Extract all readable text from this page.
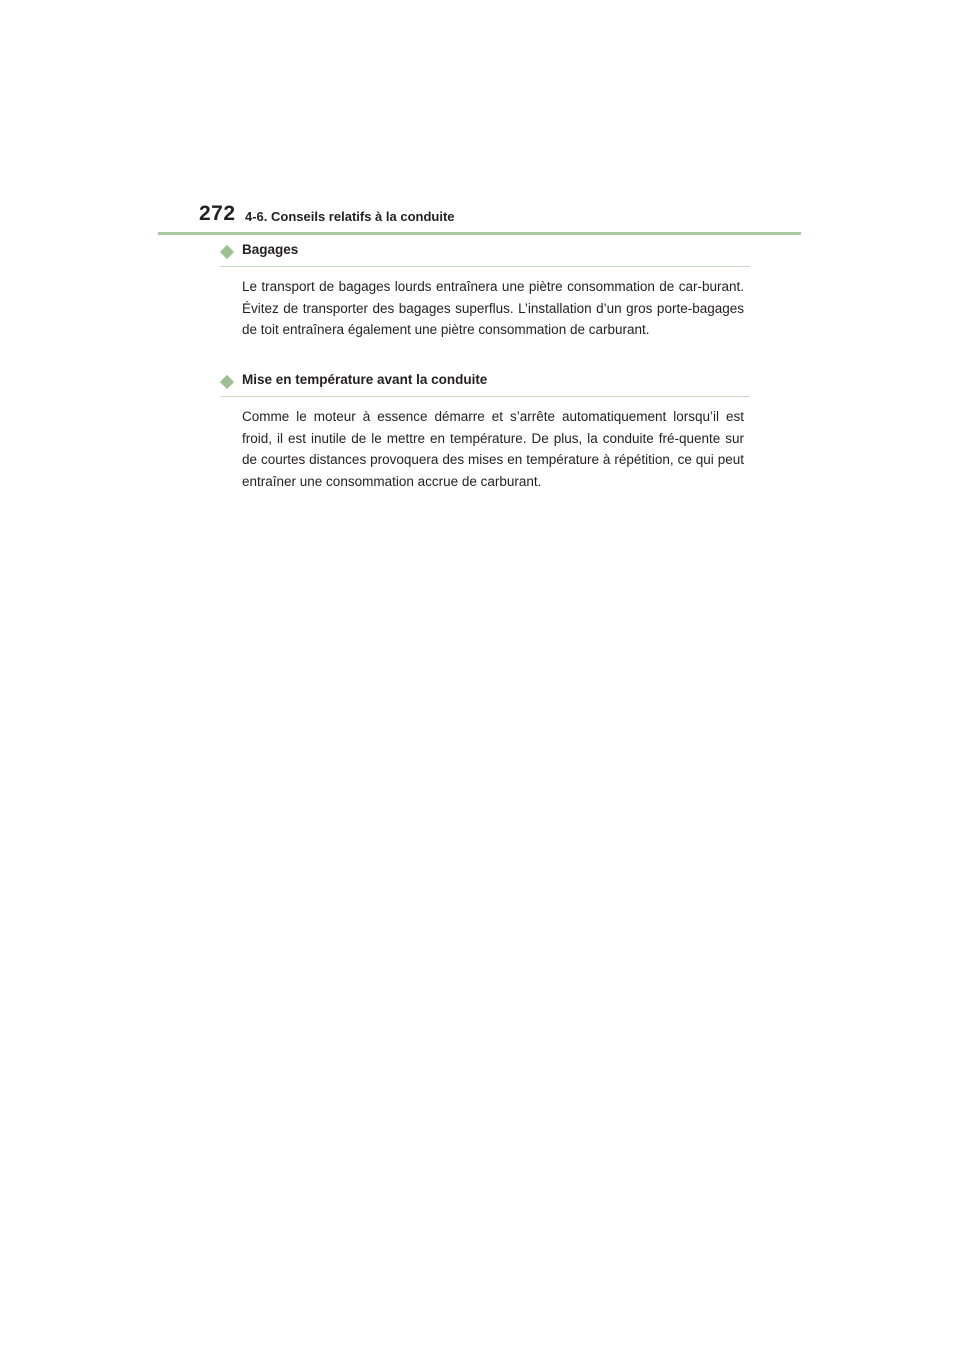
272 4-6. Conseils relatifs à la conduite
Bagages
Le transport de bagages lourds entraînera une piètre consommation de car-burant. Évitez de transporter des bagages superflus. L’installation d’un gros porte-bagages de toit entraînera également une piètre consommation de carburant.
Mise en température avant la conduite
Comme le moteur à essence démarre et s’arrête automatiquement lorsqu’il est froid, il est inutile de le mettre en température. De plus, la conduite fré-quente sur de courtes distances provoquera des mises en température à répétition, ce qui peut entraîner une consommation accrue de carburant.
